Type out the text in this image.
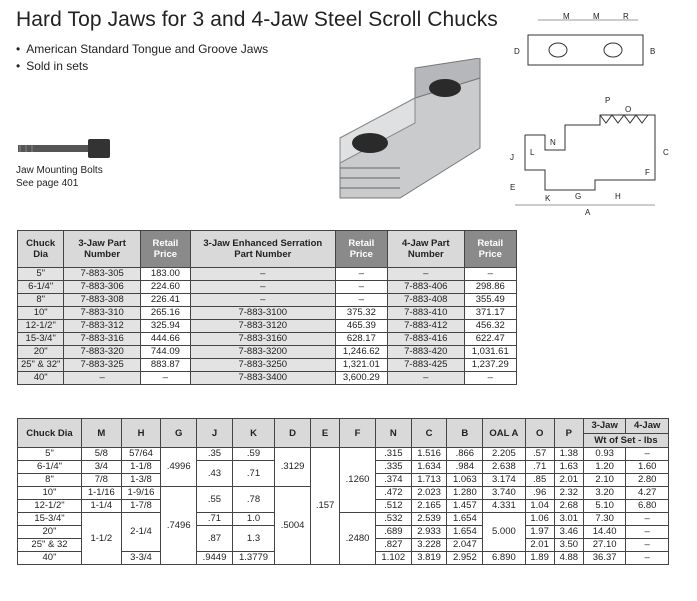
Hard Top Jaws for 3 and 4-Jaw Steel Scroll Chucks
• American Standard Tongue and Groove Jaws
• Sold in sets
Jaw Mounting Bolts
See page 401
M	M	R
D	B
P
O
N
J
L	C
F
E
K	G	H
A
Chuck Dia	3-Jaw Part Number	Retail Price	3-Jaw Enhanced Serration Part Number	Retail Price	4-Jaw Part Number	Retail Price
5"	7-883-305	183.00	–	–	–	–
6-1/4"	7-883-306	224.60	–	–	7-883-406	298.86
8"	7-883-308	226.41	–	–	7-883-408	355.49
10"	7-883-310	265.16	7-883-3100	375.32	7-883-410	371.17
12-1/2"	7-883-312	325.94	7-883-3120	465.39	7-883-412	456.32
15-3/4"	7-883-316	444.66	7-883-3160	628.17	7-883-416	622.47
20"	7-883-320	744.09	7-883-3200	1,246.62	7-883-420	1,031.61
25" & 32"	7-883-325	883.87	7-883-3250	1,321.01	7-883-425	1,237.29
40"	–	–	7-883-3400	3,600.29	–	–
Chuck Dia	M	H	G	J	K	D	E	F	N	C	B	OAL A	O	P	3-Jaw	4-Jaw
															Wt of Set - lbs	
5"	5/8	57/64	.4996	.35	.59	.3129	.157	.1260	.315	1.516	.866	2.205	.57	1.38	0.93	–
6-1/4"	3/4	1-1/8		.43	.71				.335	1.634	.984	2.638	.71	1.63	1.20	1.60
8"	7/8	1-3/8							.374	1.713	1.063	3.174	.85	2.01	2.10	2.80
10"	1-1/16	1-9/16	.7496	.55	.78	.5004			.472	2.023	1.280	3.740	.96	2.32	3.20	4.27
12-1/2"	1-1/4	1-7/8							.512	2.165	1.457	4.331	1.04	2.68	5.10	6.80
15-3/4"	1-1/2	2-1/4		.71	1.0			.2480	.532	2.539	1.654	5.000	1.06	3.01	7.30	–
20"				.87	1.3				.689	2.933	1.654		1.97	3.46	14.40	–
25" & 32									.827	3.228	2.047		2.01	3.50	27.10	–
40"		3-3/4		.9449	1.3779				1.102	3.819	2.952	6.890	1.89	4.88	36.37	–
